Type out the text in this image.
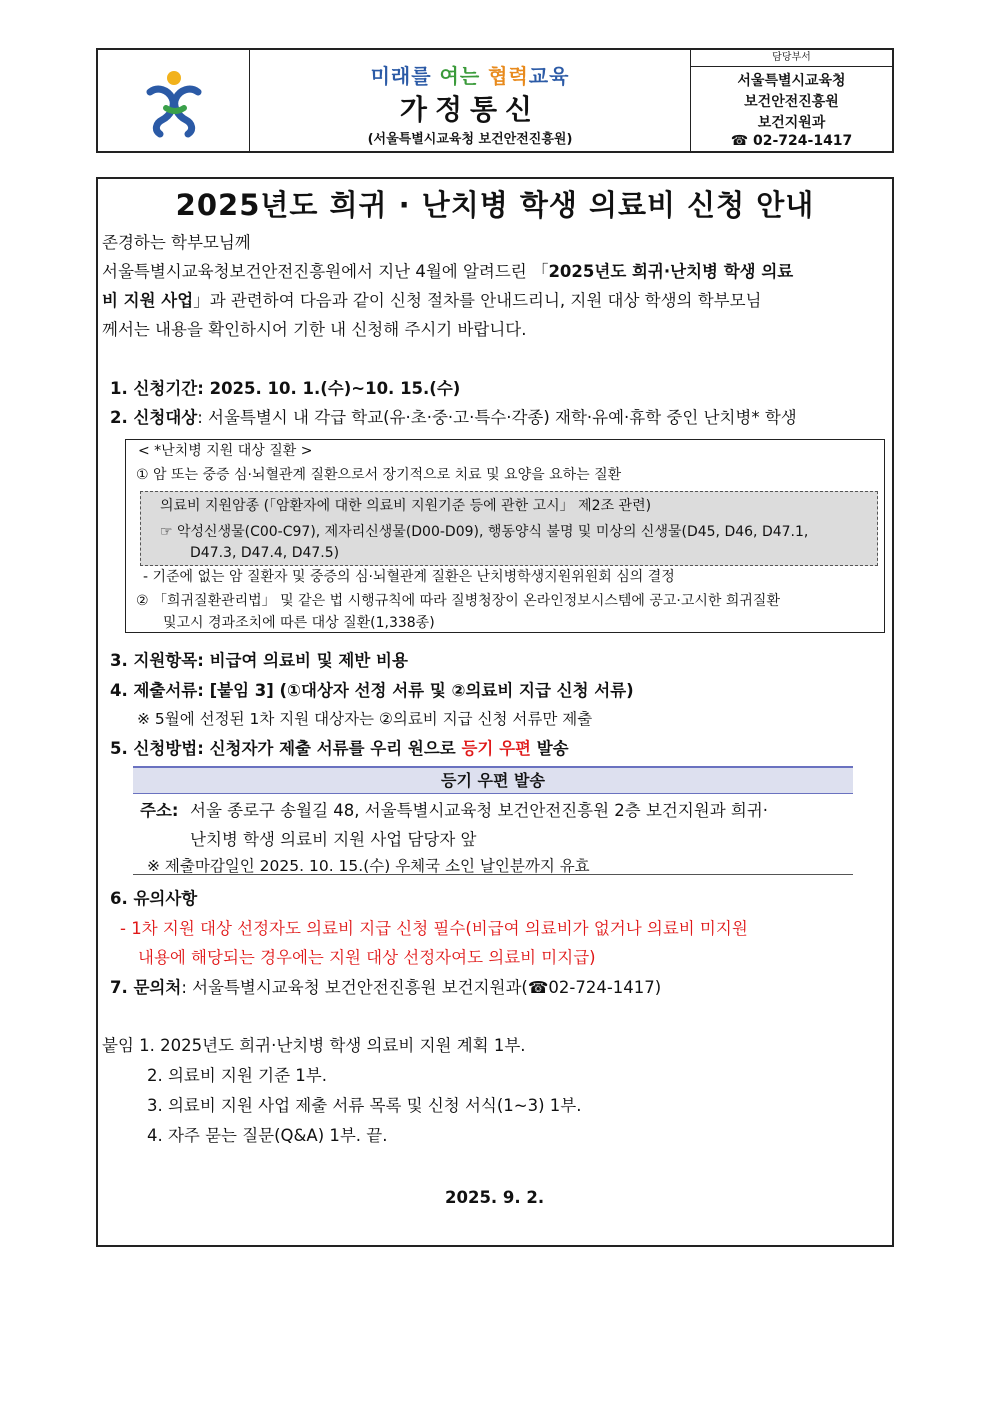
미래를 여는 협력교육
가정통신
(서울특별시교육청 보건안전진흥원)
담당부서
서울특별시교육청
보건안전진흥원
보건지원과
☎ 02-724-1417
2025년도 희귀 · 난치병 학생 의료비 신청 안내
존경하는 학부모님께
서울특별시교육청보건안전진흥원에서 지난 4월에 알려드린 「2025년도 희귀·난치병 학생 의료
비 지원 사업」과 관련하여 다음과 같이 신청 절차를 안내드리니, 지원 대상 학생의 학부모님
께서는 내용을 확인하시어 기한 내 신청해 주시기 바랍니다.
1. 신청기간: 2025. 10. 1.(수)~10. 15.(수)
2. 신청대상: 서울특별시 내 각급 학교(유·초·중·고·특수·각종) 재학·유예·휴학 중인 난치병* 학생
< *난치병 지원 대상 질환 >
① 암 또는 중증 심·뇌혈관계 질환으로서 장기적으로 치료 및 요양을 요하는 질환
의료비 지원암종 (「암환자에 대한 의료비 지원기준 등에 관한 고시」 제2조 관련)
☞ 악성신생물(C00-C97), 제자리신생물(D00-D09), 행동양식 불명 및 미상의 신생물(D45, D46, D47.1,
D47.3, D47.4, D47.5)
- 기준에 없는 암 질환자 및 중증의 심·뇌혈관계 질환은 난치병학생지원위원회 심의 결정
② 「희귀질환관리법」 및 같은 법 시행규칙에 따라 질병청장이 온라인정보시스템에 공고·고시한 희귀질환
및고시 경과조치에 따른 대상 질환(1,338종)
3. 지원항목: 비급여 의료비 및 제반 비용
4. 제출서류: [붙임 3] (①대상자 선정 서류 및 ②의료비 지급 신청 서류)
※ 5월에 선정된 1차 지원 대상자는 ②의료비 지급 신청 서류만 제출
5. 신청방법: 신청자가 제출 서류를 우리 원으로 등기 우편 발송
등기 우편 발송
주소: 서울 종로구 송월길 48, 서울특별시교육청 보건안전진흥원 2층 보건지원과 희귀·
난치병 학생 의료비 지원 사업 담당자 앞
※ 제출마감일인 2025. 10. 15.(수) 우체국 소인 날인분까지 유효
6. 유의사항
- 1차 지원 대상 선정자도 의료비 지급 신청 필수(비급여 의료비가 없거나 의료비 미지원
내용에 해당되는 경우에는 지원 대상 선정자여도 의료비 미지급)
7. 문의처: 서울특별시교육청 보건안전진흥원 보건지원과(☎02-724-1417)
붙임 1. 2025년도 희귀·난치병 학생 의료비 지원 계획 1부.
2. 의료비 지원 기준 1부.
3. 의료비 지원 사업 제출 서류 목록 및 신청 서식(1~3) 1부.
4. 자주 묻는 질문(Q&A) 1부. 끝.
2025. 9. 2.
